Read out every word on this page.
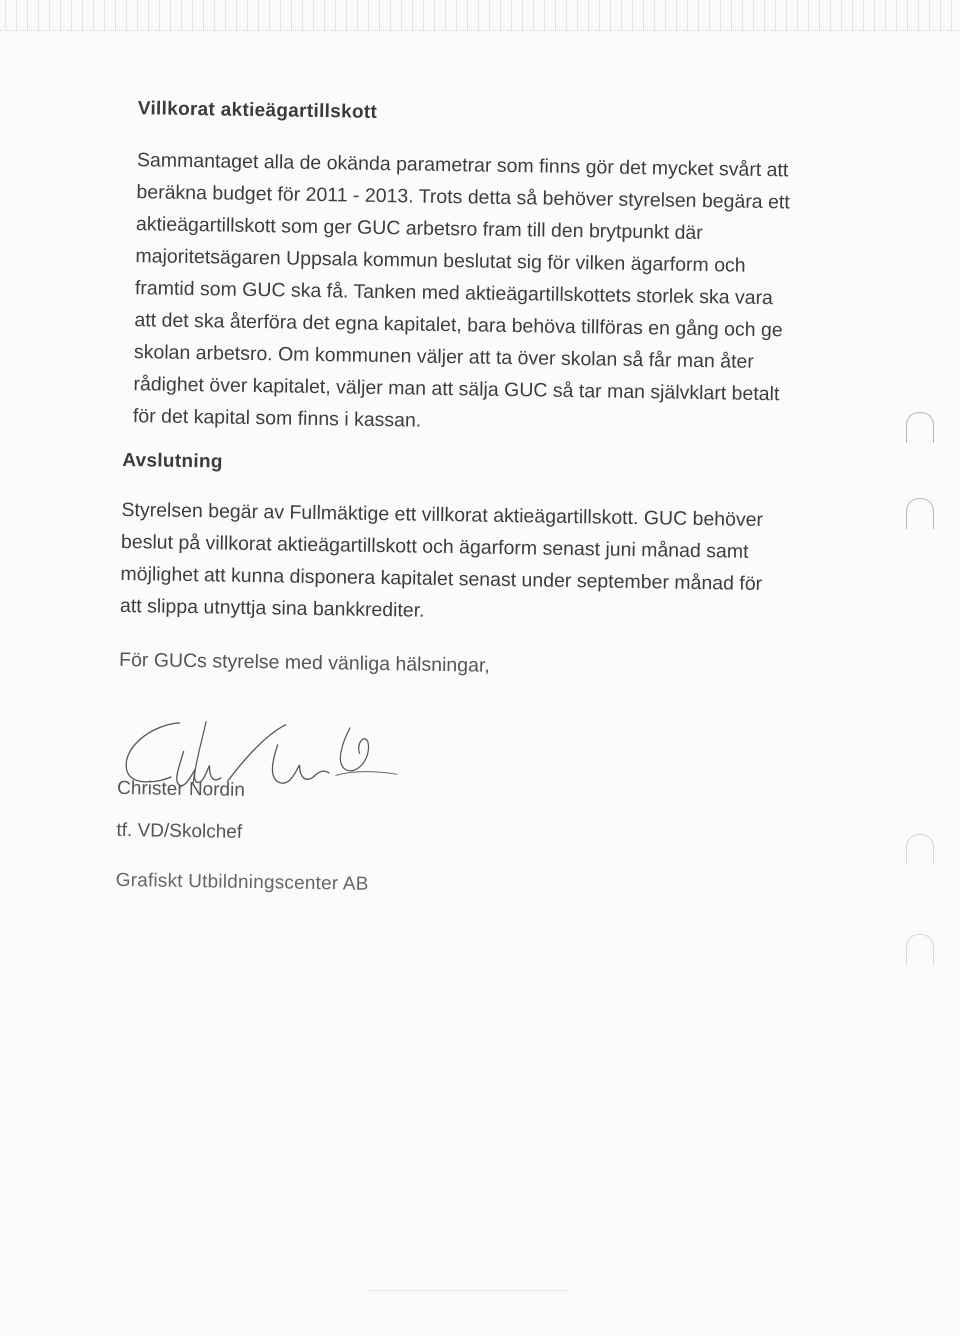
Villkorat aktieägartillskott

Sammantaget alla de okända parametrar som finns gör det mycket svårt att beräkna budget för 2011 - 2013. Trots detta så behöver styrelsen begära ett aktieägartillskott som ger GUC arbetsro fram till den brytpunkt där majoritetsägaren Uppsala kommun beslutat sig för vilken ägarform och framtid som GUC ska få. Tanken med aktieägartillskottets storlek ska vara att det ska återföra det egna kapitalet, bara behöva tillföras en gång och ge skolan arbetsro. Om kommunen väljer att ta över skolan så får man åter rådighet över kapitalet, väljer man att sälja GUC så tar man självklart betalt för det kapital som finns i kassan.

Avslutning

Styrelsen begär av Fullmäktige ett villkorat aktieägartillskott. GUC behöver beslut på villkorat aktieägartillskott och ägarform senast juni månad samt möjlighet att kunna disponera kapitalet senast under september månad för att slippa utnyttja sina bankkrediter.

För GUCs styrelse med vänliga hälsningar,

Christer Nordin
tf. VD/Skolchef
Grafiskt Utbildningscenter AB
